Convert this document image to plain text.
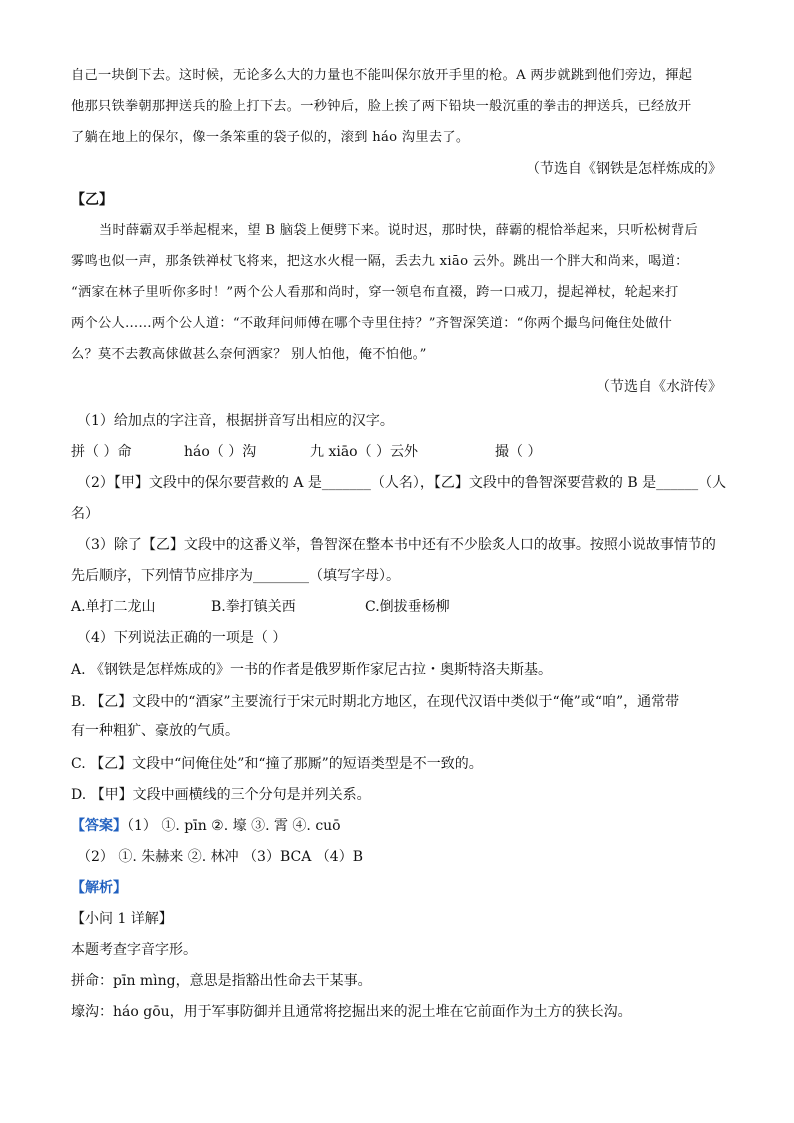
自己一块倒下去。这时候，无论多么大的力量也不能叫保尔放开手里的枪。A 两步就跳到他们旁边，揮起
他那只铁拳朝那押送兵的脸上打下去。一秒钟后，脸上挨了两下铅块一般沉重的拳击的押送兵，已经放开
了躺在地上的保尔，像一条笨重的袋子似的，滚到 háo 沟里去了。
（节选自《钢铁是怎样炼成的》
【乙】
当时薛霸双手举起棍来，望 B 脑袋上便劈下来。说时迟，那时快，薛霸的棍恰举起来，只听松树背后
雾鸣也似一声，那条铁禅杖飞将来，把这水火棍一隔，丢去九 xiāo 云外。跳出一个胖大和尚来，喝道：
“洒家在林子里听你多时！”两个公人看那和尚时，穿一领皂布直裰，跨一口戒刀，提起禅杖，轮起来打
两个公人……两个公人道：“不敢拜问师傅在哪个寺里住持？”齐智深笑道：“你两个撮鸟问俺住处做什
么？莫不去教高俅做甚么奈何洒家？ 别人怕他，俺不怕他。”
（节选自《水浒传》
（1）给加点的字注音，根据拼音写出相应的汉字。
拼（ ）命	háo（ ）沟	九 xiāo（ ）云外	撮（ ）
（2）【甲】文段中的保尔要营救的 A 是_______（人名），【乙】文段中的鲁智深要营救的 B 是______（人
名）
（3）除了【乙】文段中的这番义举，鲁智深在整本书中还有不少脍炙人口的故事。按照小说故事情节的
先后顺序，下列情节应排序为________（填写字母）。
A.单打二龙山	B.拳打镇关西	C.倒拔垂杨柳
（4）下列说法正确的一项是（ ）
A. 《钢铁是怎样炼成的》一书的作者是俄罗斯作家尼古拉・奥斯特洛夫斯基。
B. 【乙】文段中的“酒家”主要流行于宋元时期北方地区，在现代汉语中类似于“俺”或“咱”，通常带
有一种粗犷、豪放的气质。
C. 【乙】文段中“问俺住处”和“撞了那厮”的短语类型是不一致的。
D. 【甲】文段中画横线的三个分句是并列关系。
【答案】（1） ①. pīn ②. 壕 ③. 霄 ④. cuō
（2） ①. 朱赫来 ②. 林冲 （3）BCA （4）B
【解析】
【小问 1 详解】
本题考查字音字形。
拼命：pīn mìng，意思是指豁出性命去干某事。
壕沟：háo gōu，用于军事防御并且通常将挖掘出来的泥土堆在它前面作为土方的狭长沟。
